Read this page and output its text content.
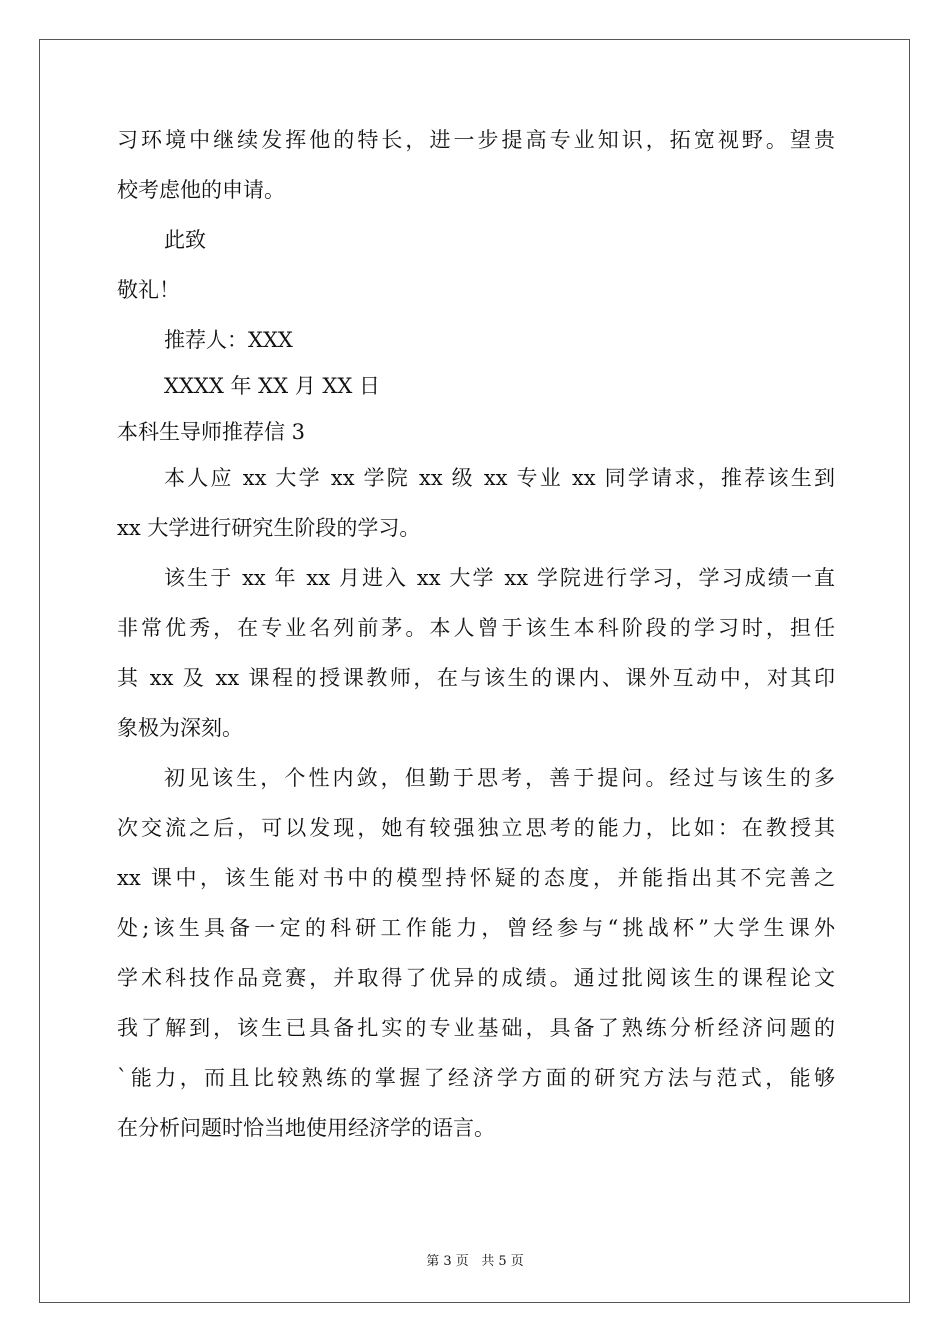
习环境中继续发挥他的特长，进一步提高专业知识，拓宽视野。望贵
校考虑他的申请。
此致
敬礼！
推荐人：XXX
XXXX 年 XX 月 XX 日
本科生导师推荐信 3
本人应 xx 大学 xx 学院 xx 级 xx 专业 xx 同学请求，推荐该生到
xx 大学进行研究生阶段的学习。
该生于 xx 年 xx 月进入 xx 大学 xx 学院进行学习，学习成绩一直
非常优秀，在专业名列前茅。本人曾于该生本科阶段的学习时，担任
其 xx 及 xx 课程的授课教师，在与该生的课内、课外互动中，对其印
象极为深刻。
初见该生，个性内敛，但勤于思考，善于提问。经过与该生的多
次交流之后，可以发现，她有较强独立思考的能力，比如：在教授其
xx 课中，该生能对书中的模型持怀疑的态度，并能指出其不完善之
处;该生具备一定的科研工作能力，曾经参与“挑战杯”大学生课外
学术科技作品竞赛，并取得了优异的成绩。通过批阅该生的课程论文
我了解到，该生已具备扎实的专业基础，具备了熟练分析经济问题的
`能力，而且比较熟练的掌握了经济学方面的研究方法与范式，能够
在分析问题时恰当地使用经济学的语言。
第 3 页   共 5 页
